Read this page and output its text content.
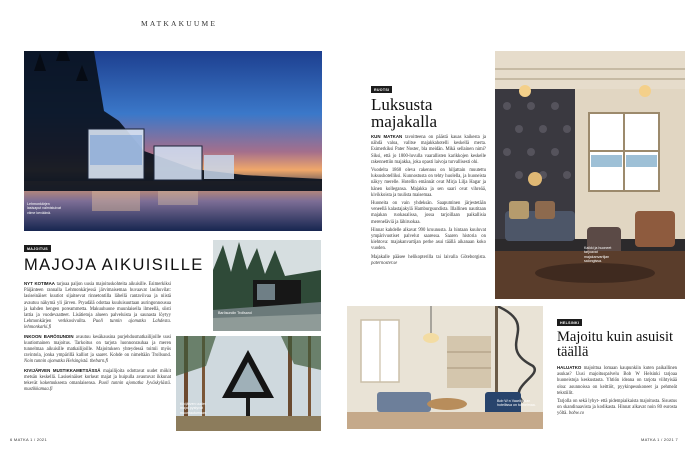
MATKAKUUME
Lehmonkärjen lasisaput valmistuivat viime keväänä.
MAJOITUS
MAJOJA AIKUISILLE
NYT KOTIMAA tarjoaa paljon uusia majoituskohteita aikuisille. Esimerkiksi Päijänteen rannalla Lehmonkärjessä järvimaisemaa huvaavat lasihuvilat: lasiseinäiset kuutiot sijaitsevat rinnetontilla lähellä rantaviivaa ja niistä avautuu näkymä yli järven. Pryadälä odottaa kuuluisuuttaan auringonnousua ja kahden hengen poreammetta. Makuuhuone muunlaisella ilmeellä, siisti lattia ja vuodevaatteet. Lisätietoja alueen palveluista ja saunasta löytyy Lehmonkärjen verkkosivuilta. Puoli tunnin ajomatka Lahdesta. lehmonkarki.fi
INKOON BARÖSUNDIN avautuu kesäkausina purjehdusmatkailijoille uusi kuutiomainen majoitus. Tarkoitus on tarjota luonnonrauhaa ja meren tunnelmaa aikuisille matkailijoille. Majoituksen yhteydessä toimii myös ravintola, jonka ympärillä kalliot ja saaret. Kohde on nimeltään Trollsund. Noin tunnin ajomatka Helsingistä. thebarn.fi
KIVIJÄRVEN MUSTIKKAMETSÄSSÄ majailijoita odottavat uudet mökit metsän keskellä. Lasiseinäiset korkeat majat ja huipulla avautuvat ikkunat tekevät kokemuksesta omanlaisensa. Puoli tunnin ajomatka Jyväskylästä. mustikkamaa.fi
Barösundin Trollsand
Kivijärven uudet majat pystyvät muuntautumaan.
6 MATKA 1 / 2021
RUOTSI
Luksusta majakalla
KUN MATKAN tavoitteena on päästä kauas kaikesta ja nähdä valoa, valitse majakkahotelli keskellä merta. Esimerkiksi Pater Noster, bla meidän. Mikä sellainen nimi? Siksi, että jo 1800-luvulla vaarallisten karikkojen keskelle rakennettiin majakka, joka opasti laivoja turvallisesti ohi.
Vuodelta 1868 oleva rakennus on hiljattain muutettu luksushotelliksi. Kunnostusta on tehty huolella, ja huoneista näkyy merelle. Hotellin emännät ovat Mirja Lilja Hagar ja hänen kollegansa. Majakka ja sen saari ovat vihreää, kivikkoista ja tuulista maisemaa.
Huoneita on vain yhdeksän. Saapuminen järjestetään veneellä kalastajakylä Hamburgsundista. Illallinen nautitaan majakan ruokasalissa, jossa tarjoillaan paikallisia mereneläviä ja lähiruokaa.
Hinnat kahdelle alkavat 990 kruunusta. Ja hintaan kuuluvat ympärivuotiset palvelut saaressa. Saaren historia on kiehtova: majakanvartijan perhe asui täällä aikanaan koko vuoden.
Majakalle pääsee helikopterilla tai laivalla Göteborgista. paternoster.se
Kaikki ja huoneet tarjoavat majakanvartijan salongissa.
Bob W:n Vaarikkalan hotellissa on tunnelmaa.
HELSINKI
Majoitu kuin asuisit täällä
HALUATKO majoittua lomaan kaupunkiin kuten paikallinen asukas? Uusi majoituspalvelu Bob W Helsinki tarjoaa huoneistoja keskustasta. Yhtiön ideana on tarjota viihtyisää oloa: asunnoissa on keittiöt, pyykinpesukoneet ja pehmeät tekstiilit.
Tarjolla on sekä lyhyt- että pidempiaikaista majoitusta. Sisustus on skandinaavista ja kodikasta. Hinnat alkavat noin 80 eurosta yöltä. bobw.co
MATKA 1 / 2021 7
